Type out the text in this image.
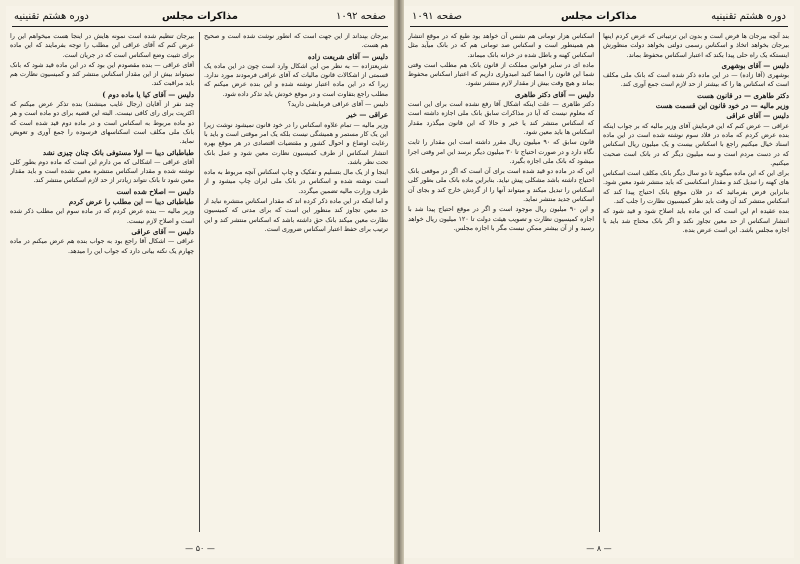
صفحه ۱۰۹۲
مذاکرات مجلس
دوره هشتم تقنینیه

بیرجان بپنداند از این جهت است که انطور نوشت شده است و صحیح هم هست.

دلیس — آقای شریعت زاده

شریعتزاده — به نظر من این اشکال وارد است چون در این ماده یک قسمتی از اشکالات قانون مالیات که آقای عراقی فرمودند مورد ندارد. زیرا که در این ماده اعتبار نوشته شده و این بنده عرض میکنم که مطلب راجع بتفاوت است و در موقع خودش باید تذکر داده شود.

دلیس — آقای عراقی فرمایشی دارید؟

عراقی — خیر

وزیر مالیه — تمام علاوه اسکناس را در خود قانون نمیشود نوشت زیرا این یک کار مستمر و همیشگی نیست بلکه یک امر موقتی است و باید با رعایت اوضاع و احوال کشور و مقتضیات اقتصادی در هر موقع بهره انتشار اسکناس از طرف کمیسیون نظارت معین شود و عمل بانک تحت نظر باشد.

اینجا و از یک مال بتسلیم و تفکیک و چاپ اسکناس آنچه مربوط به ماده است نوشته شده و اسکناس در بانک ملی ایران چاپ میشود و از طرف وزارت مالیه تضمین میگردد.

و اما اینکه در این ماده ذکر کرده اند که مقدار اسکناس منتشره نباید از حد معین تجاوز کند منظور این است که برای مدتی که کمیسیون نظارت معین میکند بانک حق داشته باشد که اسکناس منتشر کند و این ترتیب برای حفظ اعتبار اسکناس ضروری است.

بیرجان تنظیم شده است نمونه هایش در اینجا هست میخواهم این را عرض کنم که آقای عراقی این مطلب را توجه بفرمایند که این ماده برای تثبیت وضع اسکناس است که در جریان است.

آقای عراقی — بنده مقصودم این بود که در این ماده قید شود که بانک نمیتواند بیش از این مقدار اسکناس منتشر کند و کمیسیون نظارت هم باید مراقبت کند.

دلیس — آقای کیا یا ماده دوم )

چند نفر از آقایان (رجال غایب مینشند) بنده تذکر عرض میکنم که اکثریت برای رای کافی نیست. البته این قضیه برای دو ماده است و هر دو ماده مربوط به اسکناس است و در ماده دوم قید شده است که بانک ملی مکلف است اسکناسهای فرسوده را جمع آوری و تعویض نماید.

طباطبائی دیبا — اولا مستوفی بانک چنان چیزی نشد

آقای عراقی — اشکالی که من دارم این است که ماده دوم بطور کلی نوشته شده و مقدار اسکناس منتشره معین نشده است و باید مقدار معین شود تا بانک نتواند زیادتر از حد لازم اسکناس منتشر کند.

دلیس — اصلاح شده است
طباطبائی دیبا — این مطلب را عرض کردم

وزیر مالیه — بنده عرض کردم که در ماده سوم این مطلب ذکر شده است و اصلاح لازم نیست.

دلیس — آقای عراقی

عراقی — اشکال آقا راجع بود به جواب بنده هم عرض میکنم در ماده چهارم یک نکته بیانی دارد که جواب این را میدهد.

— ۵۰ —
دوره هشتم تقنینیه
مذاکرات مجلس
صفحه ۱۰۹۱

بند آنچه بیرجان ها فرض است و بدون این ترتیباتی که عرض کردم اینها بیرجان بخواهد اتخاذ و اسکناس رسمی دولتی بخواهد دولت منظورش اینستکه یک راه حلی پیدا بکند که اعتبار اسکناس محفوظ بماند.

دلیس — آقای بوشهری

بوشهری (آقا زاده) — در این ماده ذکر شده است که بانک ملی مکلف است که اسکناس ها را که بیشتر از حد لازم است جمع آوری کند.

دکتر طاهری — در قانون هست
وزیر مالیه — در خود قانون این قسمت هست
دلیس — آقای عراقی

عراقی — عرض کنم که این فرمایش آقای وزیر مالیه که بر جواب اینکه بنده عرض کردم که ماده در فلاد سوم نوشته شده است در این ماده اسناد خیال میکنیم راجع با اسکناس بیست و یک میلیون ریال اسکناس که در دست مردم است و سه میلیون دیگر که در بانک است صحبت میکنیم.

برای این که این ماده میگوید تا دو سال دیگر بانک مکلف است اسکناس های کهنه را تبدیل کند و مقدار اسکناسی که باید منتشر شود معین شود. بنابراین فرض بفرمائید که در فلان موقع بانک احتیاج پیدا کند که اسکناس منتشر کند آن وقت باید نظر کمیسیون نظارت را جلب کند.

بنده عقیده ام این است که این ماده باید اصلاح شود و قید شود که انتشار اسکناس از حد معین تجاوز نکند و اگر بانک محتاج شد باید با اجازه مجلس باشد. این است عرض بنده.

اسکناس هزار تومانی هم نشس آن خواهد بود طبع که در موقع انتشار هم همینطور است و اسکناس صد تومانی هم که در بانک میآید مثل اسکناس کهنه و باطل شده در خزانه بانک میماند.

ماده ای در سایر قوانین مملکت از قانون بانک هم مطلب است وقتی شما این قانون را امضا کنید امیدواری داریم که اعتبار اسکناس محفوظ بماند و هیچ وقت بیش از مقدار لازم منتشر نشود.

دلیس — آقای دکتر طاهری

دکتر طاهری — علت اینکه اشکال آقا رفع نشده است برای این است که معلوم نیست که آیا در مذاکرات سابق بانک ملی اجازه داشته است که اسکناس منتشر کند یا خیر و حالا که این قانون میگذرد مقدار اسکناس ها باید معین شود.

قانون سابق که ۹۰ میلیون ریال مقرر داشته است این مقدار را ثابت نگاه دارد و در صورت احتیاج تا ۳۰ میلیون دیگر برسد این امر وقتی اجرا میشود که بانک ملی اجازه بگیرد.

این که در ماده دو قید شده است برای آن است که اگر در موقعی بانک احتیاج داشته باشد مشکلی پیش نیاید. بنابراین ماده بانک ملی بطور کلی اسکناس را تبدیل میکند و میتواند آنها را از گردش خارج کند و بجای آن اسکناس جدید منتشر نماید.

و این ۹۰ میلیون ریال موجود است و اگر در موقع احتیاج پیدا شد با اجازه کمیسیون نظارت و تصویب هیئت دولت تا ۱۲۰ میلیون ریال خواهد رسید و از آن بیشتر ممکن نیست مگر با اجازه مجلس.

— ۸ —
